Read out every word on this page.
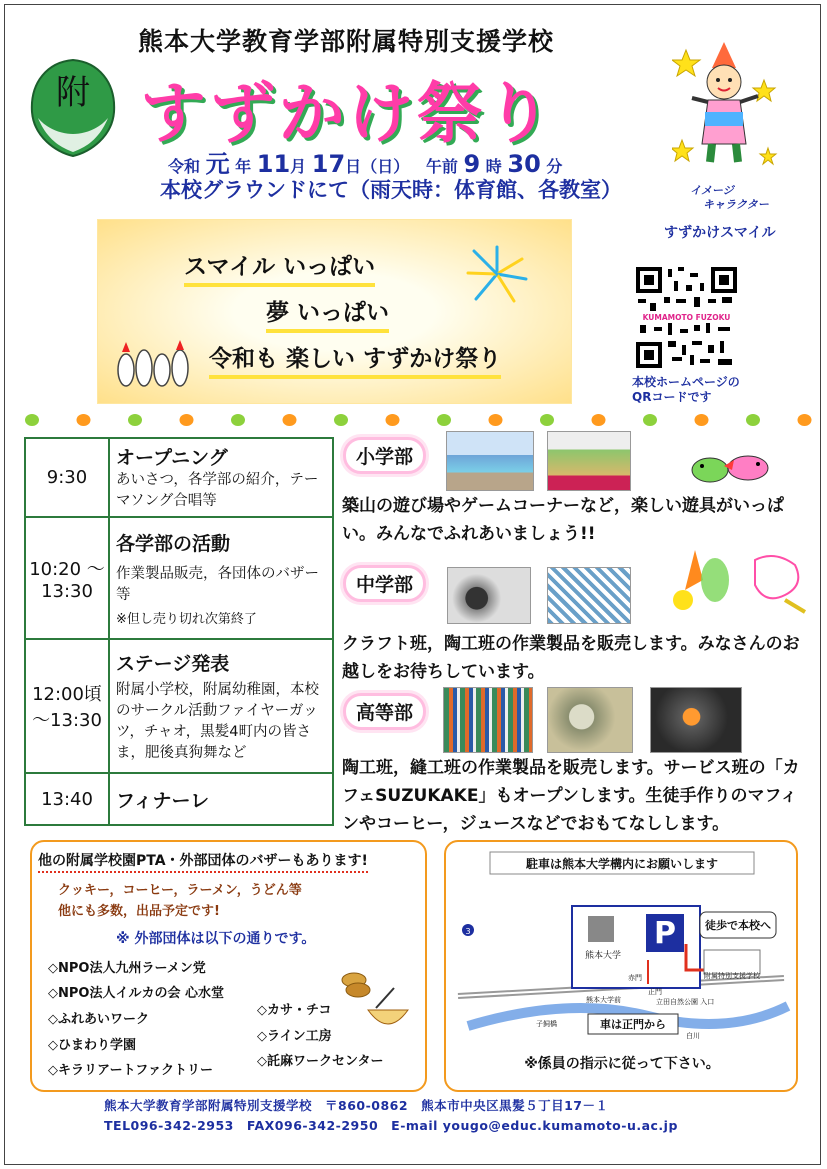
附
熊本大学教育学部附属特別支援学校
すずかけ祭り
令和 元 年 11月 17日（日） 午前 9 時 30 分
本校グラウンドにて（雨天時：体育館、各教室）	イメージ
キャラクター
すずかけスマイル
スマイル いっぱい
夢 いっぱい
令和も 楽しい すずかけ祭り
KUMAMOTO FUZOKU
本校ホームページの
QRコードです
9:30	オープニング
あいさつ，各学部の紹介，テーマソング合唱等

10:20 ～13:30	各学部の活動
作業製品販売，各団体のバザー等
※但し売り切れ次第終了

12:00頃 ～13:30	ステージ発表
附属小学校，附属幼稚園，本校のサークル活動ファイヤーガッツ，チャオ，黒髪4町内の皆さま，肥後真狗舞など

13:40	フィナーレ
小学部
築山の遊び場やゲームコーナーなど，楽しい遊具がいっぱい。みんなでふれあいましょう!!
中学部
クラフト班，陶工班の作業製品を販売します。みなさんのお越しをお待ちしています。
高等部
陶工班，縫工班の作業製品を販売します。サービス班の「カフェSUZUKAKE」もオープンします。生徒手作りのマフィンやコーヒー，ジュースなどでおもてなしします。
他の附属学校園PTA・外部団体のバザーもあります!
クッキー，コーヒー，ラーメン，うどん等
他にも多数，出品予定です!
※ 外部団体は以下の通りです。
◇NPO法人九州ラーメン党
◇NPO法人イルカの会 心水堂
◇ふれあいワーク
◇ひまわり学園
◇キラリアートファクトリー
◇カサ・チコ
◇ライン工房
◇託麻ワークセンター
駐車は熊本大学構内にお願いします
3
熊本大学
P	徒歩で本校へ
附属特別支援学校
赤門
正門
熊本大学前	立田自然公園 入口
子飼橋
白川
車は正門から
※係員の指示に従って下さい。
熊本大学教育学部附属特別支援学校　〒860-0862　熊本市中央区黒髪５丁目17－１
TEL096-342-2953　FAX096-342-2950　E-mail yougo@educ.kumamoto-u.ac.jp
